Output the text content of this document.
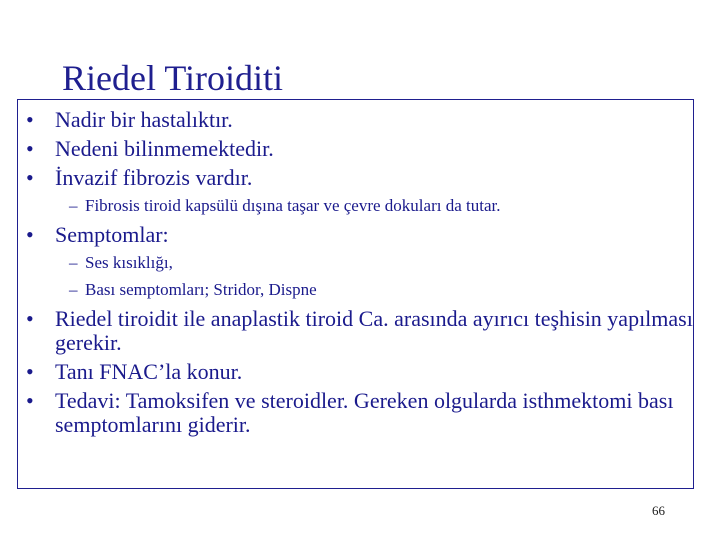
Riedel Tiroiditi
• Nadir bir hastalıktır.
• Nedeni bilinmemektedir.
• İnvazif fibrozis vardır.
– Fibrosis tiroid kapsülü dışına taşar ve çevre dokuları da tutar.
• Semptomlar:
– Ses kısıklığı,
– Bası semptomları; Stridor, Dispne
• Riedel tiroidit ile anaplastik tiroid Ca. arasında ayırıcı teşhisin yapılması gerekir.
• Tanı FNAC’la konur.
• Tedavi: Tamoksifen ve steroidler. Gereken olgularda isthmektomi bası semptomlarını giderir.
66
